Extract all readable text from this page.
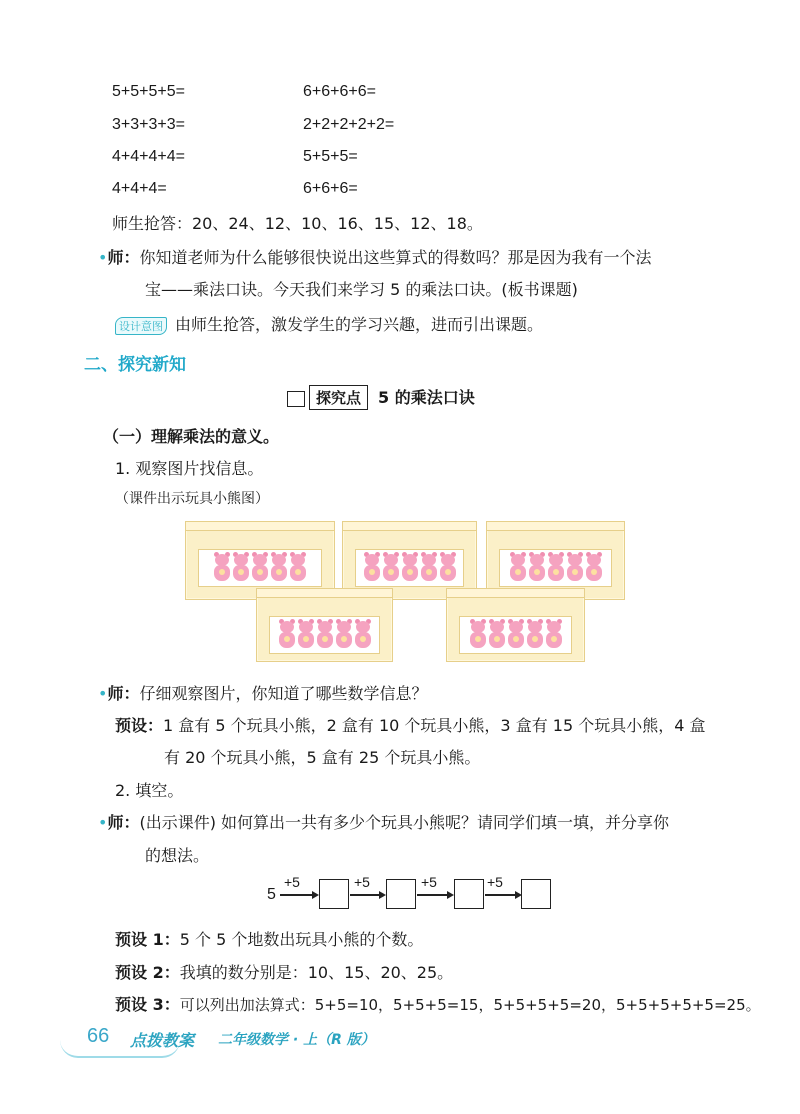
5+5+5+5=	6+6+6+6=
3+3+3+3=	2+2+2+2+2=
4+4+4+4=	5+5+5=
4+4+4=	6+6+6=
师生抢答：20、24、12、10、16、15、12、18。
•师：你知道老师为什么能够很快说出这些算式的得数吗？那是因为我有一个法
宝——乘法口诀。今天我们来学习 5 的乘法口诀。(板书课题)
设计意图 由师生抢答，激发学生的学习兴趣，进而引出课题。
二、探究新知
探究点 5 的乘法口诀
（一）理解乘法的意义。
1. 观察图片找信息。
（课件出示玩具小熊图）
•师：仔细观察图片，你知道了哪些数学信息？
预设：1 盒有 5 个玩具小熊，2 盒有 10 个玩具小熊，3 盒有 15 个玩具小熊，4 盒
有 20 个玩具小熊，5 盒有 25 个玩具小熊。
2. 填空。
•师：(出示课件) 如何算出一共有多少个玩具小熊呢？请同学们填一填，并分享你
的想法。
5
+5	+5	+5	+5
预设 1：5 个 5 个地数出玩具小熊的个数。
预设 2：我填的数分别是：10、15、20、25。
预设 3：可以列出加法算式：5+5=10，5+5+5=15，5+5+5+5=20，5+5+5+5+5=25。
66 点拨教案 二年级数学 · 上（R 版）
